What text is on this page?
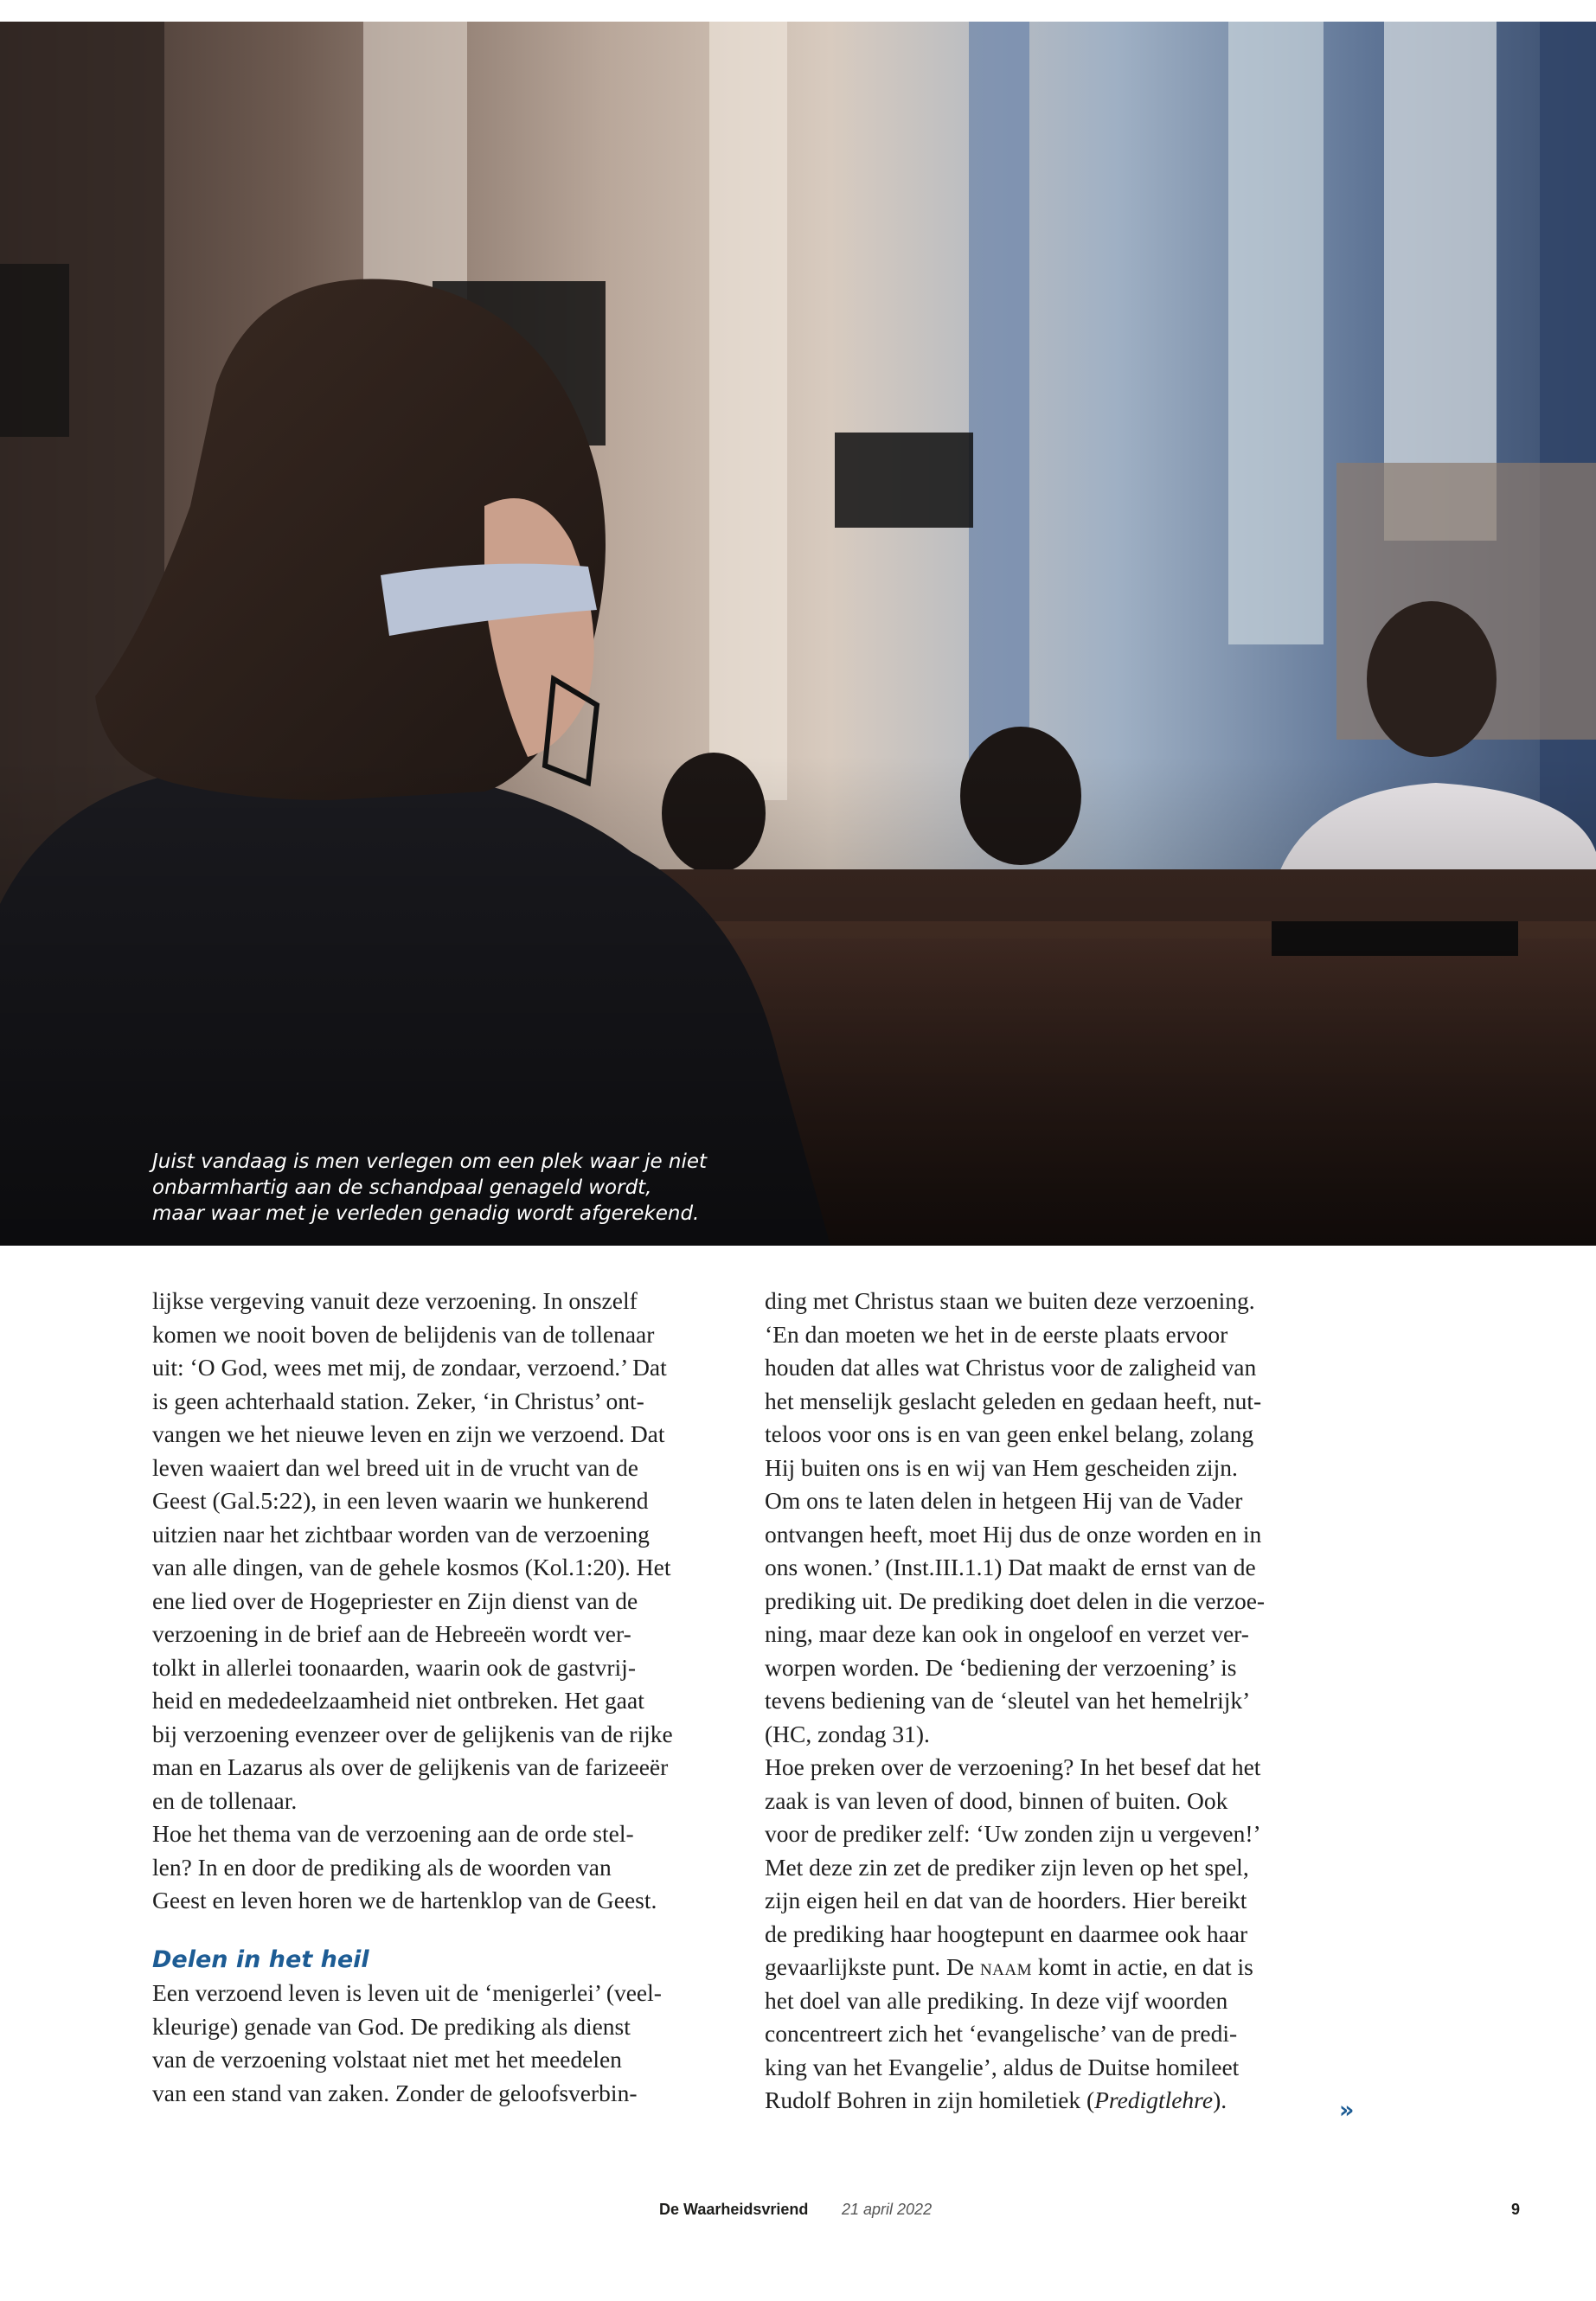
Juist vandaag is men verlegen om een plek waar je niet
onbarmhartig aan de schandpaal genageld wordt,
maar waar met je verleden genadig wordt afgerekend.
lijkse vergeving vanuit deze verzoening. In onszelf
komen we nooit boven de belijdenis van de tollenaar
uit: ‘O God, wees met mij, de zondaar, verzoend.’ Dat
is geen achterhaald station. Zeker, ‘in Christus’ ont-
vangen we het nieuwe leven en zijn we verzoend. Dat
leven waaiert dan wel breed uit in de vrucht van de
Geest (Gal.5:22), in een leven waarin we hunkerend
uitzien naar het zichtbaar worden van de verzoening
van alle dingen, van de gehele kosmos (Kol.1:20). Het
ene lied over de Hogepriester en Zijn dienst van de
verzoening in de brief aan de Hebreeën wordt ver-
tolkt in allerlei toonaarden, waarin ook de gastvrij-
heid en mededeelzaamheid niet ontbreken. Het gaat
bij verzoening evenzeer over de gelijkenis van de rijke
man en Lazarus als over de gelijkenis van de farizeeër
en de tollenaar.
Hoe het thema van de verzoening aan de orde stel-
len? In en door de prediking als de woorden van
Geest en leven horen we de hartenklop van de Geest.
Delen in het heil
Een verzoend leven is leven uit de ‘menigerlei’ (veel-
kleurige) genade van God. De prediking als dienst
van de verzoening volstaat niet met het meedelen
van een stand van zaken. Zonder de geloofsverbin-
ding met Christus staan we buiten deze verzoening.
‘En dan moeten we het in de eerste plaats ervoor
houden dat alles wat Christus voor de zaligheid van
het menselijk geslacht geleden en gedaan heeft, nut-
teloos voor ons is en van geen enkel belang, zolang
Hij buiten ons is en wij van Hem gescheiden zijn.
Om ons te laten delen in hetgeen Hij van de Vader
ontvangen heeft, moet Hij dus de onze worden en in
ons wonen.’ (Inst.III.1.1) Dat maakt de ernst van de
prediking uit. De prediking doet delen in die verzoe-
ning, maar deze kan ook in ongeloof en verzet ver-
worpen worden. De ‘bediening der verzoening’ is
tevens bediening van de ‘sleutel van het hemelrijk’
(HC, zondag 31).
Hoe preken over de verzoening? In het besef dat het
zaak is van leven of dood, binnen of buiten. Ook
voor de prediker zelf: ‘Uw zonden zijn u vergeven!’
Met deze zin zet de prediker zijn leven op het spel,
zijn eigen heil en dat van de hoorders. Hier bereikt
de prediking haar hoogtepunt en daarmee ook haar
gevaarlijkste punt. De naam komt in actie, en dat is
het doel van alle prediking. In deze vijf woorden
concentreert zich het ‘evangelische’ van de predi-
king van het Evangelie’, aldus de Duitse homileet
Rudolf Bohren in zijn homiletiek (Predigtlehre).	»
De Waarheidsvriend 21 april 2022	9
